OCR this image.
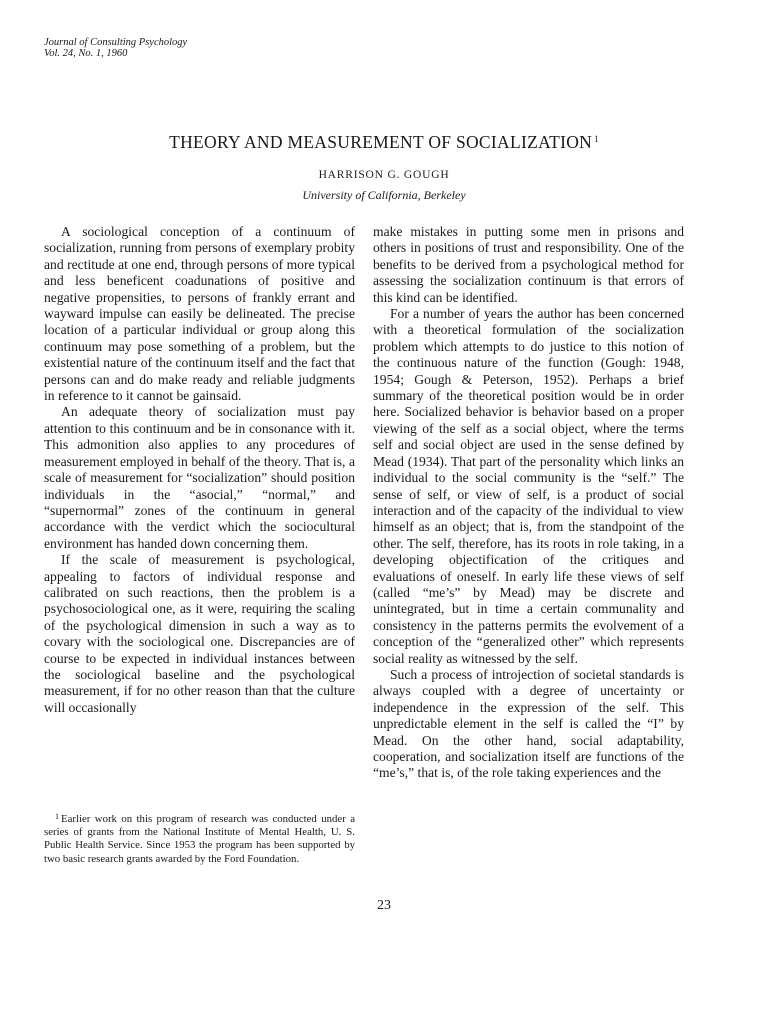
Journal of Consulting Psychology
Vol. 24, No. 1, 1960
THEORY AND MEASUREMENT OF SOCIALIZATION $^1$
HARRISON G. GOUGH
University of California, Berkeley

A sociological conception of a continuum of socialization, running from persons of exemplary probity and rectitude at one end, through persons of more typical and less beneficent coadunations of positive and negative propensities, to persons of frankly errant and wayward impulse can easily be delineated. The precise location of a particular individual or group along this continuum may pose something of a problem, but the existential nature of the continuum itself and the fact that persons can and do make ready and reliable judgments in reference to it cannot be gainsaid.

An adequate theory of socialization must pay attention to this continuum and be in consonance with it. This admonition also applies to any procedures of measurement employed in behalf of the theory. That is, a scale of measurement for “socialization” should position individuals in the “asocial,” “normal,” and “supernormal” zones of the continuum in general accordance with the verdict which the sociocultural environment has handed down concerning them.

If the scale of measurement is psychological, appealing to factors of individual response and calibrated on such reactions, then the problem is a psychosociological one, as it were, requiring the scaling of the psychological dimension in such a way as to covary with the sociological one. Discrepancies are of course to be expected in individual instances between the sociological baseline and the psychological measurement, if for no other reason than that the culture will occasionally

make mistakes in putting some men in prisons and others in positions of trust and responsibility. One of the benefits to be derived from a psychological method for assessing the socialization continuum is that errors of this kind can be identified.

For a number of years the author has been concerned with a theoretical formulation of the socialization problem which attempts to do justice to this notion of the continuous nature of the function (Gough: 1948, 1954; Gough & Peterson, 1952). Perhaps a brief summary of the theoretical position would be in order here. Socialized behavior is behavior based on a proper viewing of the self as a social object, where the terms self and social object are used in the sense defined by Mead (1934). That part of the personality which links an individual to the social community is the “self.” The sense of self, or view of self, is a product of social interaction and of the capacity of the individual to view himself as an object; that is, from the standpoint of the other. The self, therefore, has its roots in role taking, in a developing objectification of the critiques and evaluations of oneself. In early life these views of self (called “me’s” by Mead) may be discrete and unintegrated, but in time a certain communality and consistency in the patterns permits the evolvement of a conception of the “generalized other” which represents social reality as witnessed by the self.

Such a process of introjection of societal standards is always coupled with a degree of uncertainty or independence in the expression of the self. This unpredictable element in the self is called the “I” by Mead. On the other hand, social adaptability, cooperation, and socialization itself are functions of the “me’s,” that is, of the role taking experiences and the

$^1$ Earlier work on this program of research was conducted under a series of grants from the National Institute of Mental Health, U. S. Public Health Service. Since 1953 the program has been supported by two basic research grants awarded by the Ford Foundation.

23
